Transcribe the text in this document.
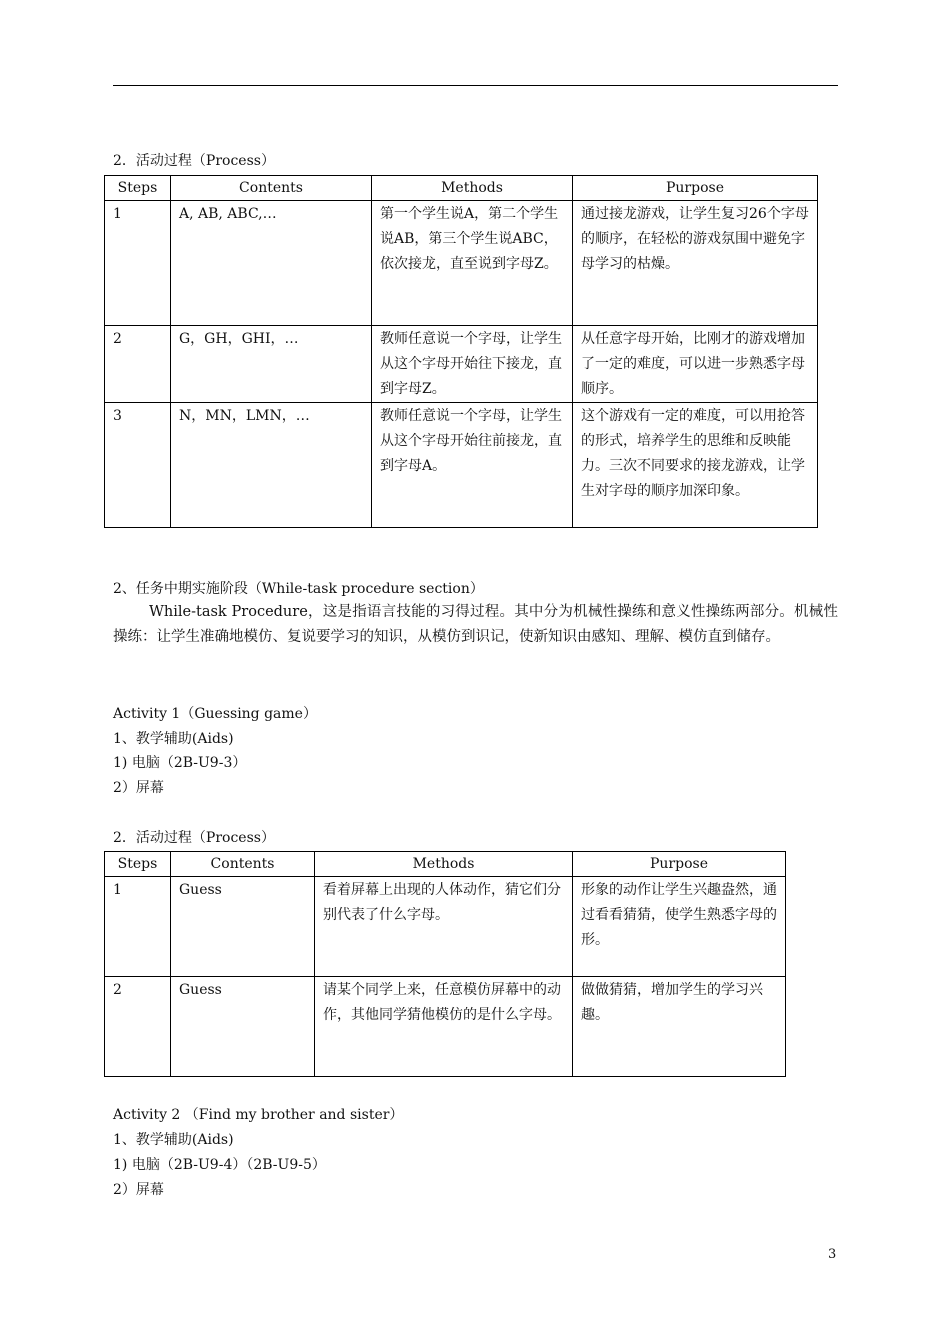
2．活动过程（Process）
Steps	Contents	Methods	Purpose
1	A, AB, ABC,…	第一个学生说A，第二个学生说AB，第三个学生说ABC，依次接龙，直至说到字母Z。	通过接龙游戏，让学生复习26个字母的顺序，在轻松的游戏氛围中避免字母学习的枯燥。
2	G，GH，GHI，…	教师任意说一个字母，让学生从这个字母开始往下接龙，直到字母Z。	从任意字母开始，比刚才的游戏增加了一定的难度，可以进一步熟悉字母顺序。
3	N，MN，LMN，…	教师任意说一个字母，让学生从这个字母开始往前接龙，直到字母A。	这个游戏有一定的难度，可以用抢答的形式，培养学生的思维和反映能力。三次不同要求的接龙游戏，让学生对字母的顺序加深印象。
2、任务中期实施阶段（While-task procedure section）
While-task Procedure，这是指语言技能的习得过程。其中分为机械性操练和意义性操练两部分。机械性操练：让学生准确地模仿、复说要学习的知识，从模仿到识记，使新知识由感知、理解、模仿直到储存。
Activity 1（Guessing game）
1、教学辅助(Aids)
1) 电脑（2B-U9-3）
2）屏幕
2．活动过程（Process）
Steps	Contents	Methods	Purpose
1	Guess	看着屏幕上出现的人体动作，猜它们分别代表了什么字母。	形象的动作让学生兴趣盎然，通过看看猜猜，使学生熟悉字母的形。
2	Guess	请某个同学上来，任意模仿屏幕中的动作，其他同学猜他模仿的是什么字母。	做做猜猜，增加学生的学习兴趣。
Activity 2 （Find my brother and sister）
1、教学辅助(Aids)
1) 电脑（2B-U9-4）（2B-U9-5）
2）屏幕
3
